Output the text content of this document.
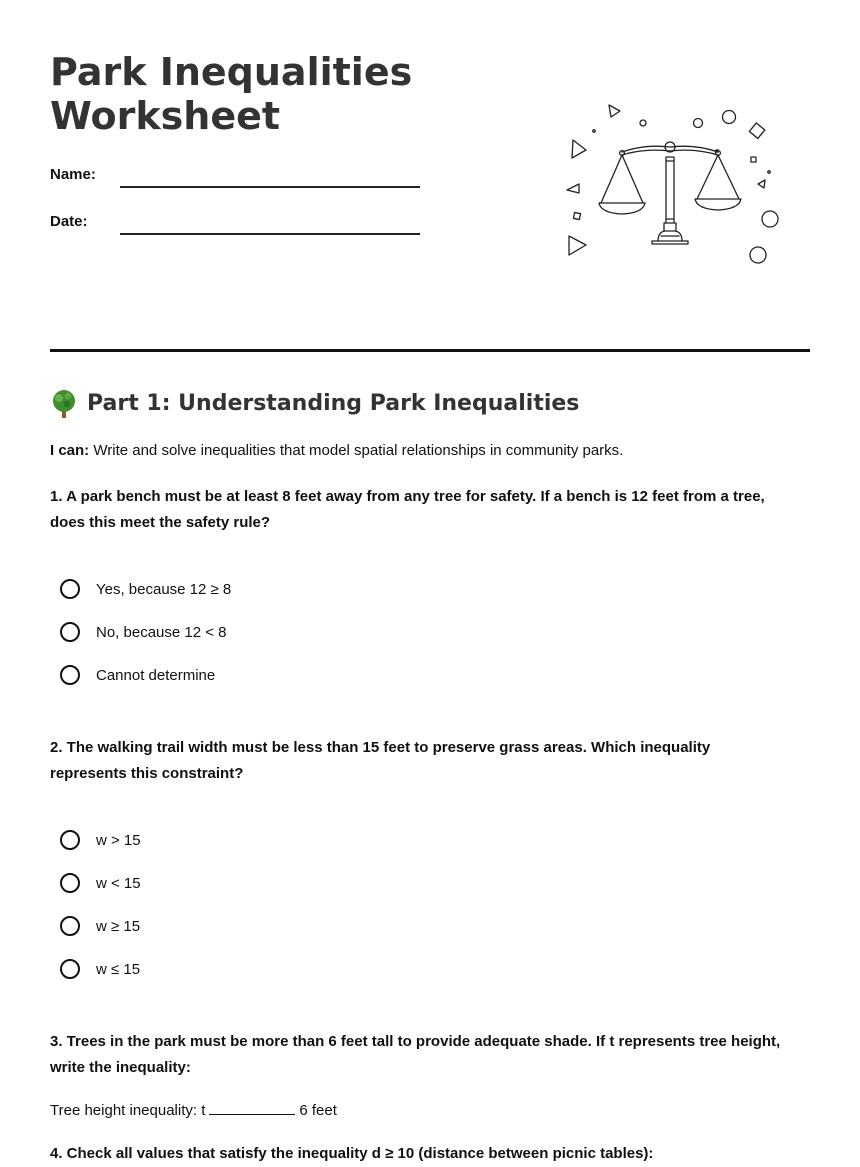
Park Inequalities Worksheet
Name:
Date:
Part 1: Understanding Park Inequalities
I can: Write and solve inequalities that model spatial relationships in community parks.
1. A park bench must be at least 8 feet away from any tree for safety. If a bench is 12 feet from a tree, does this meet the safety rule?
Yes, because 12 ≥ 8
No, because 12 < 8
Cannot determine
2. The walking trail width must be less than 15 feet to preserve grass areas. Which inequality represents this constraint?
w > 15
w < 15
w ≥ 15
w ≤ 15
3. Trees in the park must be more than 6 feet tall to provide adequate shade. If t represents tree height, write the inequality:
Tree height inequality: t	6 feet
4. Check all values that satisfy the inequality d ≥ 10 (distance between picnic tables):
